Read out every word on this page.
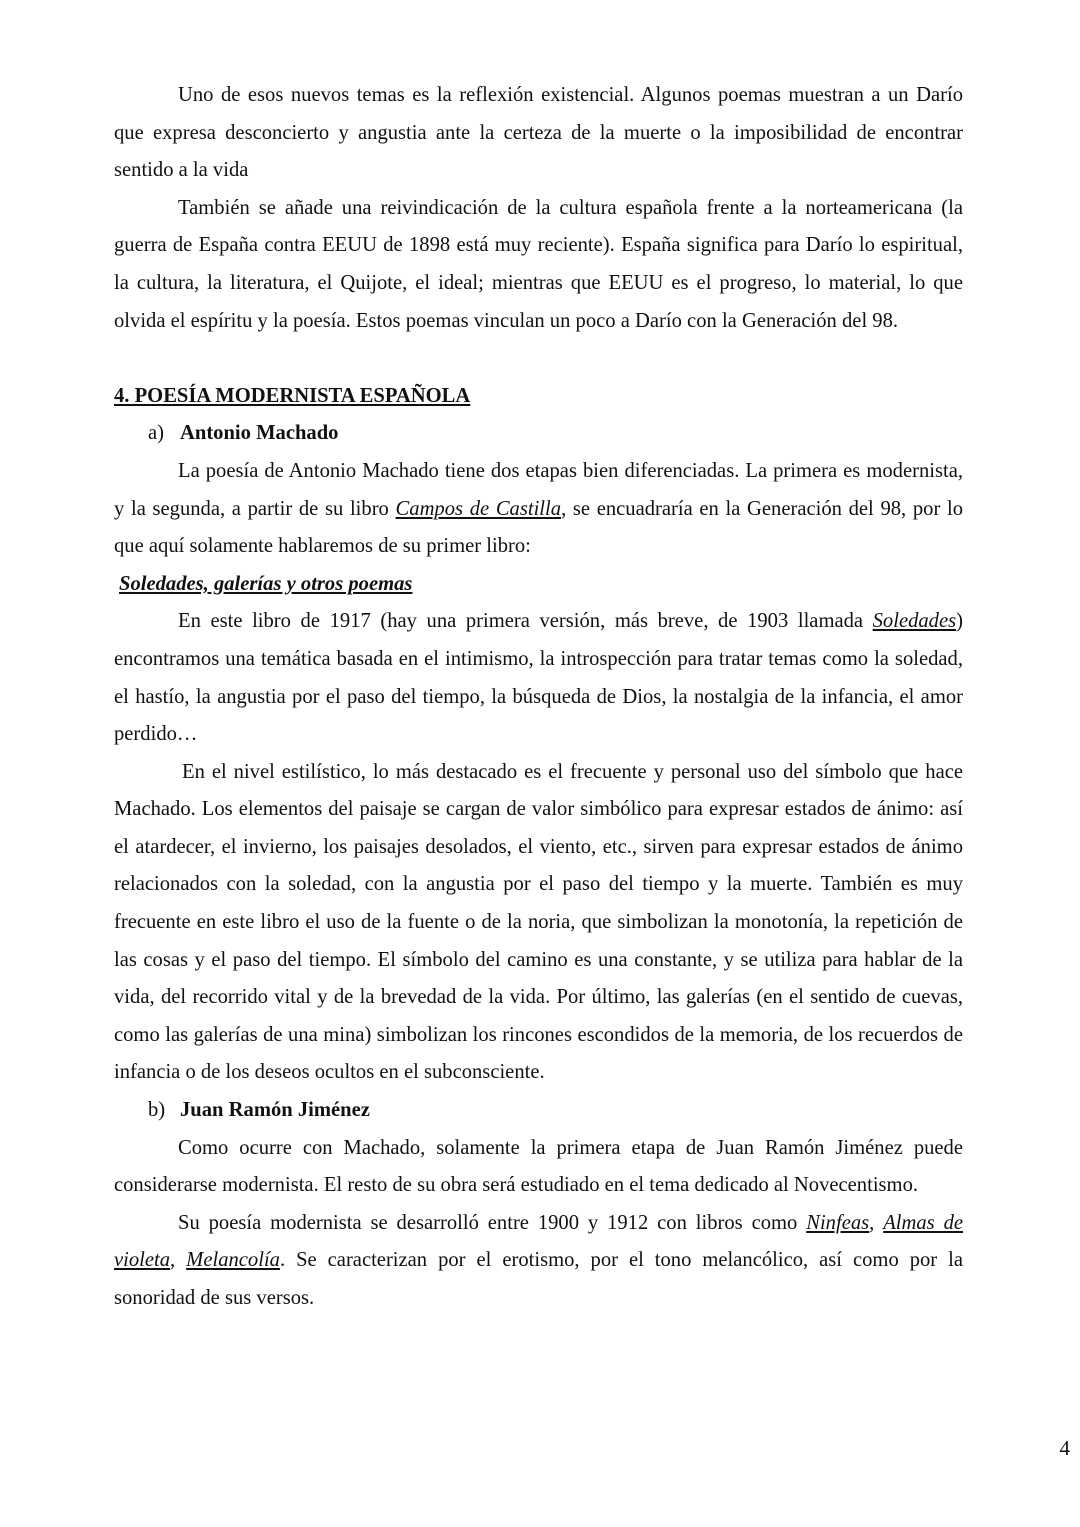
Uno de esos nuevos temas es la reflexión existencial. Algunos poemas muestran a un Darío que expresa desconcierto y angustia ante la certeza de la muerte o la imposibilidad de encontrar sentido a la vida

También se añade una reivindicación de la cultura española frente a la norteamericana (la guerra de España contra EEUU de 1898 está muy reciente). España significa para Darío lo espiritual, la cultura, la literatura, el Quijote, el ideal; mientras que EEUU es el progreso, lo material, lo que olvida el espíritu y la poesía. Estos poemas vinculan un poco a Darío con la Generación del 98.

4. POESÍA MODERNISTA ESPAÑOLA

a) Antonio Machado

La poesía de Antonio Machado tiene dos etapas bien diferenciadas. La primera es modernista, y la segunda, a partir de su libro Campos de Castilla, se encuadraría en la Generación del 98, por lo que aquí solamente hablaremos de su primer libro:

Soledades, galerías y otros poemas

En este libro de 1917 (hay una primera versión, más breve, de 1903 llamada Soledades) encontramos una temática basada en el intimismo, la introspección para tratar temas como la soledad, el hastío, la angustia por el paso del tiempo, la búsqueda de Dios, la nostalgia de la infancia, el amor perdido…

En el nivel estilístico, lo más destacado es el frecuente y personal uso del símbolo que hace Machado. Los elementos del paisaje se cargan de valor simbólico para expresar estados de ánimo: así el atardecer, el invierno, los paisajes desolados, el viento, etc., sirven para expresar estados de ánimo relacionados con la soledad, con la angustia por el paso del tiempo y la muerte. También es muy frecuente en este libro el uso de la fuente o de la noria, que simbolizan la monotonía, la repetición de las cosas y el paso del tiempo. El símbolo del camino es una constante, y se utiliza para hablar de la vida, del recorrido vital y de la brevedad de la vida. Por último, las galerías (en el sentido de cuevas, como las galerías de una mina) simbolizan los rincones escondidos de la memoria, de los recuerdos de infancia o de los deseos ocultos en el subconsciente.

b) Juan Ramón Jiménez

Como ocurre con Machado, solamente la primera etapa de Juan Ramón Jiménez puede considerarse modernista. El resto de su obra será estudiado en el tema dedicado al Novecentismo.

Su poesía modernista se desarrolló entre 1900 y 1912 con libros como Ninfeas, Almas de violeta, Melancolía. Se caracterizan por el erotismo, por el tono melancólico, así como por la sonoridad de sus versos.

4
